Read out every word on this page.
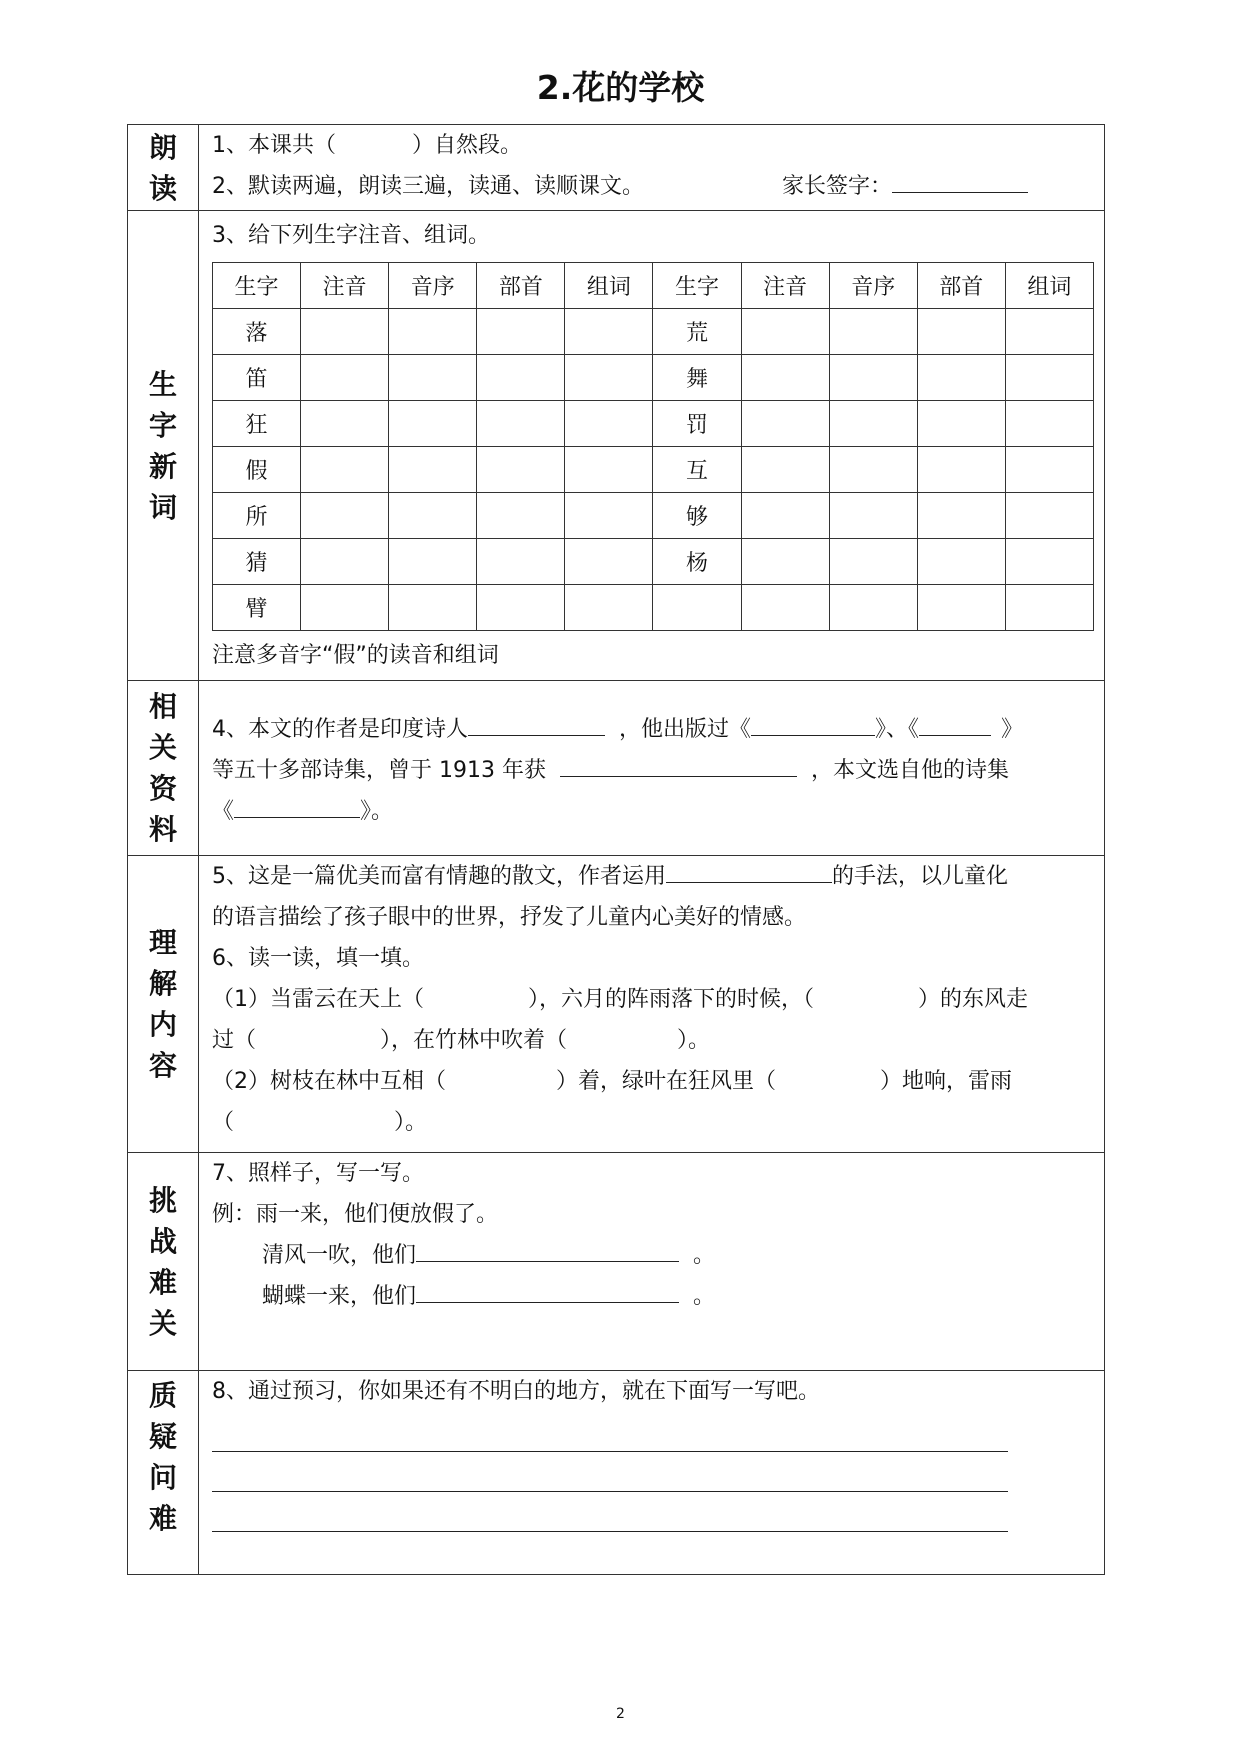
2.花的学校
朗
读

1、本课共（	）自然段。
2、默读两遍，朗读三遍，读通、读顺课文。	家长签字：

生
字
新
词

3、给下列生字注音、组词。
生字	注音	音序	部首	组词	生字	注音	音序	部首	组词
落					荒				
笛					舞				
狂					罚				
假					互				
所					够				
猜					杨				
臂									
注意多音字“假”的读音和组词

相
关
资
料

4、本文的作者是印度诗人	，他出版过《	》、《	》
等五十多部诗集，曾于 1913 年获	，本文选自他的诗集
《	》。

理
解
内
容

5、这是一篇优美而富有情趣的散文，作者运用	的手法，以儿童化
的语言描绘了孩子眼中的世界，抒发了儿童内心美好的情感。
6、读一读，填一填。
（1）当雷云在天上（	），六月的阵雨落下的时候，（	）的东风走
过（	），在竹林中吹着（	）。
（2）树枝在林中互相（	）着，绿叶在狂风里（	）地响，雷雨
（	）。

挑
战
难
关

7、照样子，写一写。
例：雨一来，他们便放假了。
清风一吹，他们	。
蝴蝶一来，他们	。

质
疑
问
难

8、通过预习，你如果还有不明白的地方，就在下面写一写吧。
2
